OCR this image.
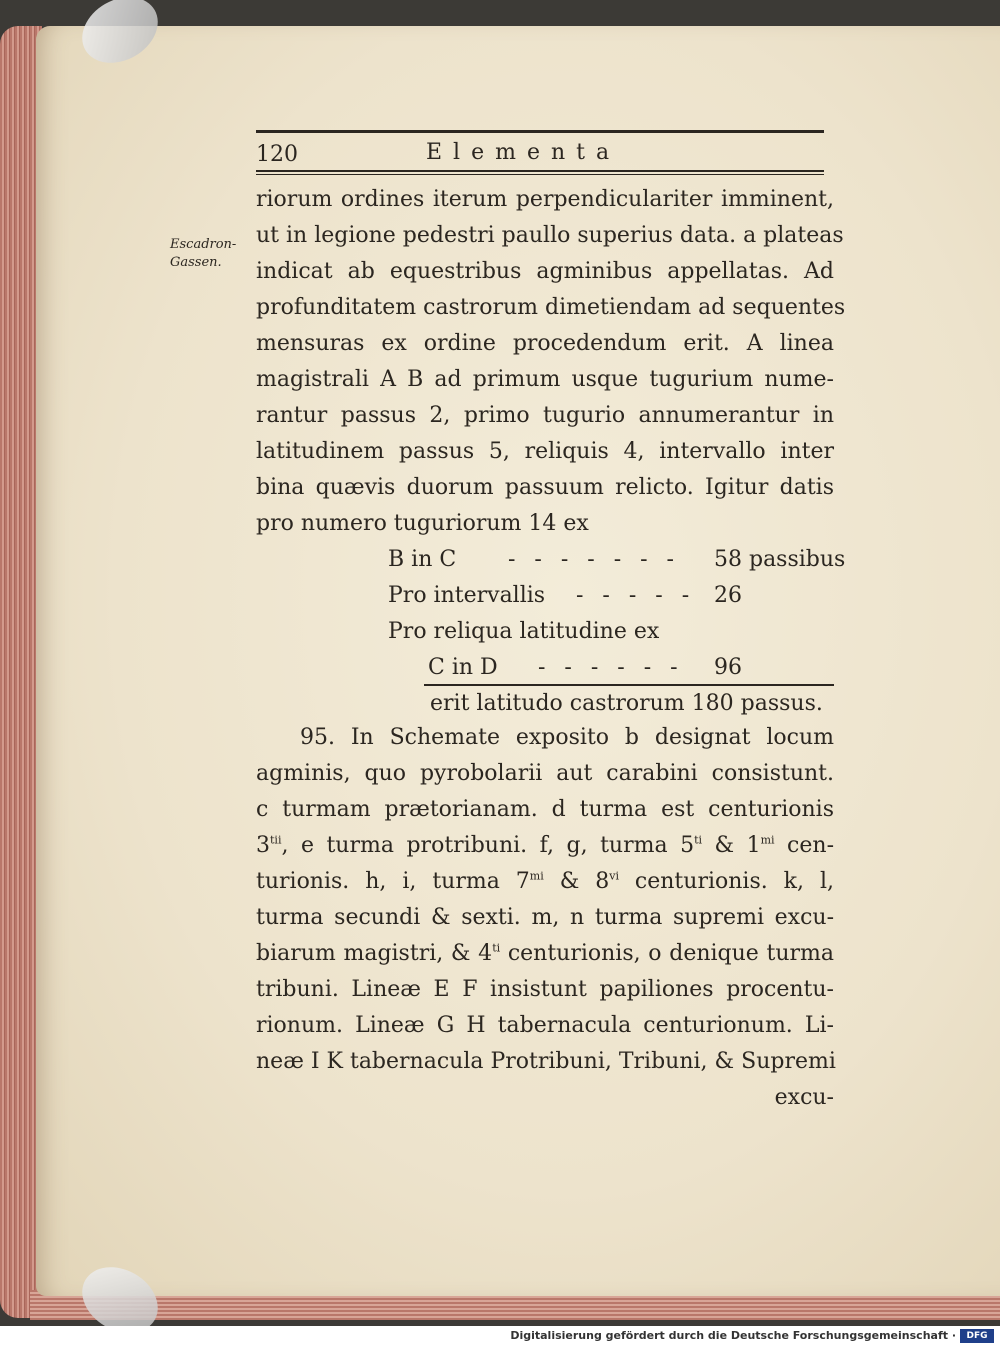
120	Elementa
Escadron-
Gassen.
riorum ordines iterum perpendiculariter imminent,
ut in legione pedestri paullo superius data. a plateas
indicat ab equestribus agminibus appellatas. Ad
profunditatem castrorum dimetiendam ad sequentes
mensuras ex ordine procedendum erit. A linea
magistrali A B ad primum usque tugurium nume-
rantur passus 2, primo tugurio annumerantur in
latitudinem passus 5, reliquis 4, intervallo inter
bina quævis duorum passuum relicto. Igitur datis
pro numero tuguriorum 14 ex
B in C - - - - - - - 58 passibus
Pro intervallis - - - - - 26
Pro reliqua latitudine ex
C in D - - - - - - 96
erit latitudo castrorum 180 passus.
95. In Schemate exposito b designat locum
agminis, quo pyrobolarii aut carabini consistunt.
c turmam prætorianam. d turma est centurionis
$3^{tii}$, e turma protribuni. f, g, turma $5^{ti}$ & $1^{mi}$ cen-
turionis. h, i, turma $7^{mi}$ & 8$^{vi}$ centurionis. k, l,
turma secundi & sexti. m, n turma supremi excu-
biarum magistri, & $4^{ti}$ centurionis, o denique turma
tribuni. Lineæ E F insistunt papiliones procentu-
rionum. Lineæ G H tabernacula centurionum. Li-
neæ I K tabernacula Protribuni, Tribuni, & Supremi
excu-
Digitalisierung gefördert durch die Deutsche Forschungsgemeinschaft ·	DFG
